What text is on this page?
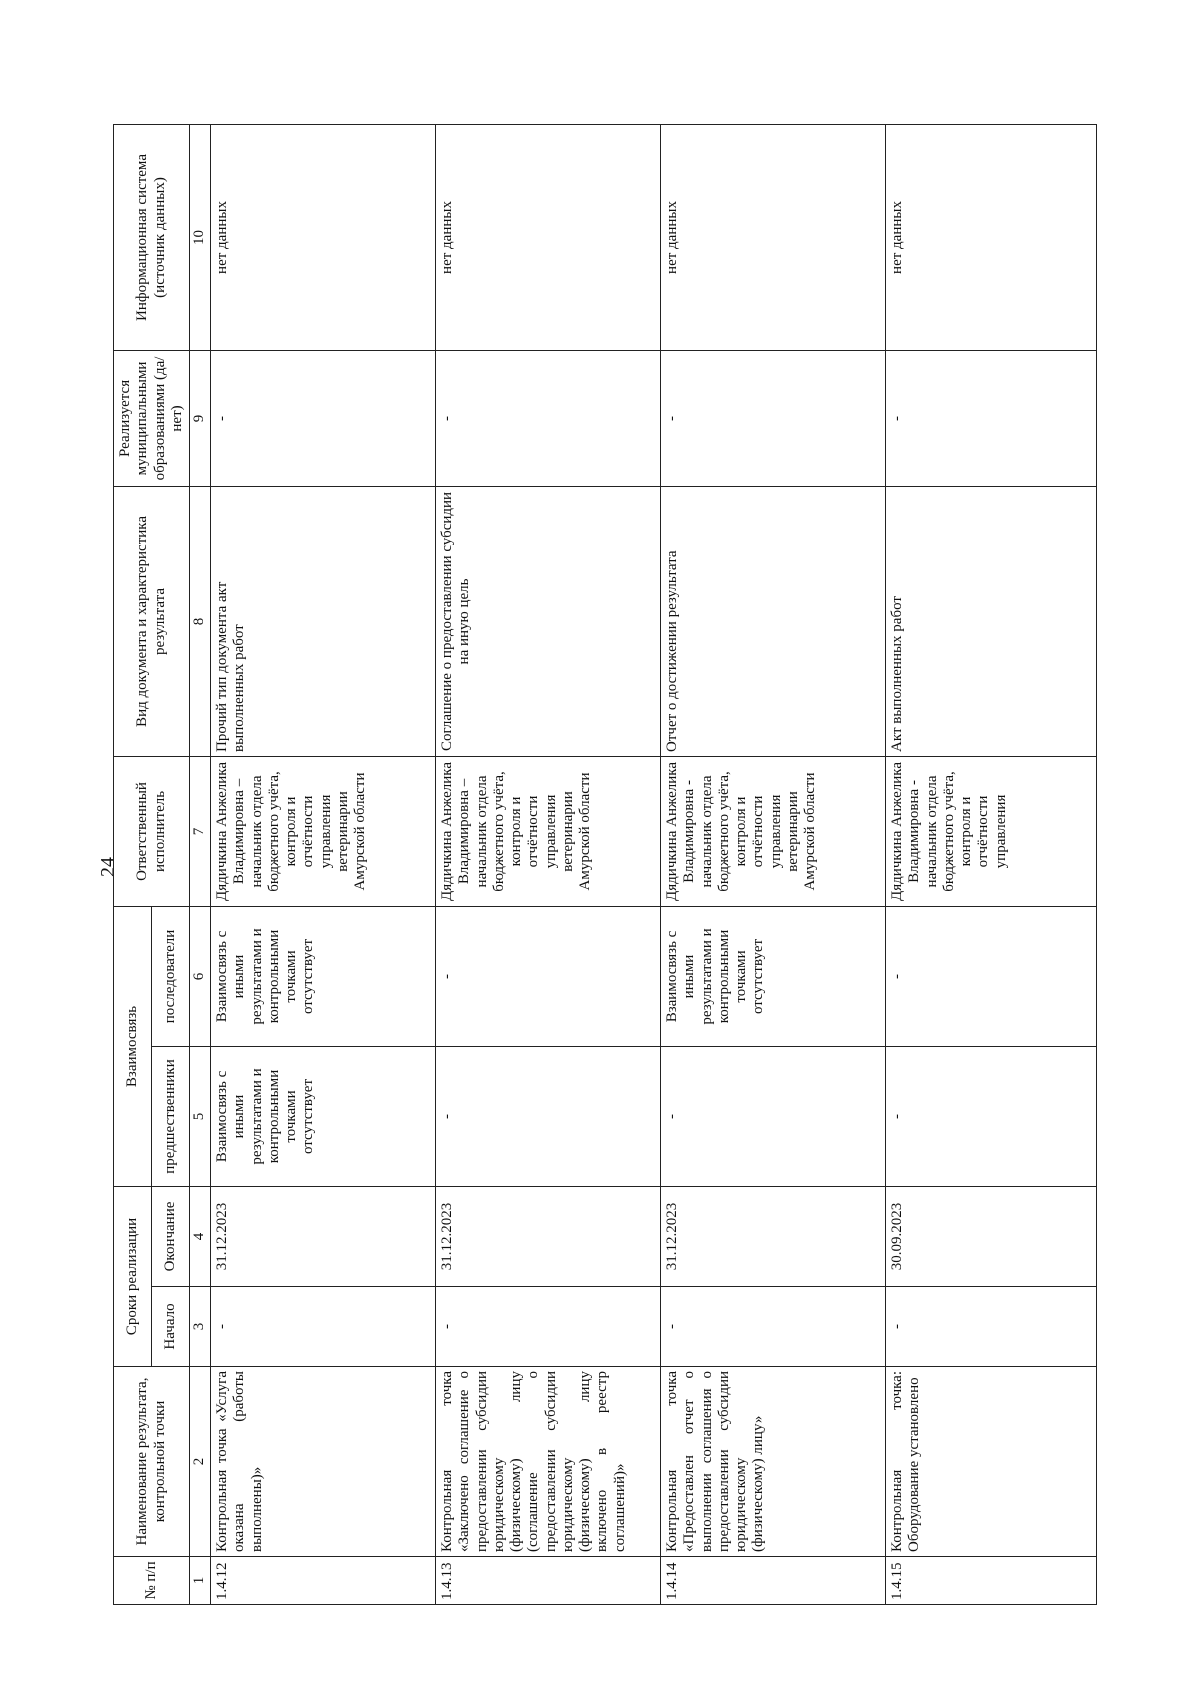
24
№ п/п	Наименование результата, контрольной точки	Сроки реализации		Взаимосвязь		Ответственный исполнитель	Вид документа и характеристика результата	Реализуется муниципальными образованиями (да/нет)	Информационная система (источник данных)
		Начало	Окончание	предшественники	последователи				
1	2	3	4	5	6	7	8	9	10
1.4.12	Контрольная точка «Услуга оказана (работы выполнены)»	-	31.12.2023	Взаимосвязь с иными результатами и контрольными точками отсутствует	Взаимосвязь с иными результатами и контрольными точками отсутствует	Дядичкина Анжелика Владимировна – начальник отдела бюджетного учёта, контроля и отчётности управления ветеринарии Амурской области	Прочий тип документа акт выполненных работ	-	нет данных
1.4.13	Контрольная точка «Заключено соглашение о предоставлении субсидии юридическому (физическому) лицу (соглашение о предоставлении субсидии юридическому (физическому) лицу включено в реестр соглашений)»	-	31.12.2023	-	-	Дядичкина Анжелика Владимировна – начальник отдела бюджетного учёта, контроля и отчётности управления ветеринарии Амурской области	Соглашение о предоставлении субсидии на иную цель	-	нет данных
1.4.14	Контрольная точка «Предоставлен отчет о выполнении соглашения о предоставлении субсидии юридическому (физическому) лицу»	-	31.12.2023	-	Взаимосвязь с иными результатами и контрольными точками отсутствует	Дядичкина Анжелика Владимировна - начальник отдела бюджетного учёта, контроля и отчётности управления ветеринарии Амурской области	Отчет о достижении результата	-	нет данных
1.4.15	Контрольная точка: Оборудование установлено	-	30.09.2023	-	-	Дядичкина Анжелика Владимировна - начальник отдела бюджетного учёта, контроля и отчётности управления	Акт выполненных работ	-	нет данных
